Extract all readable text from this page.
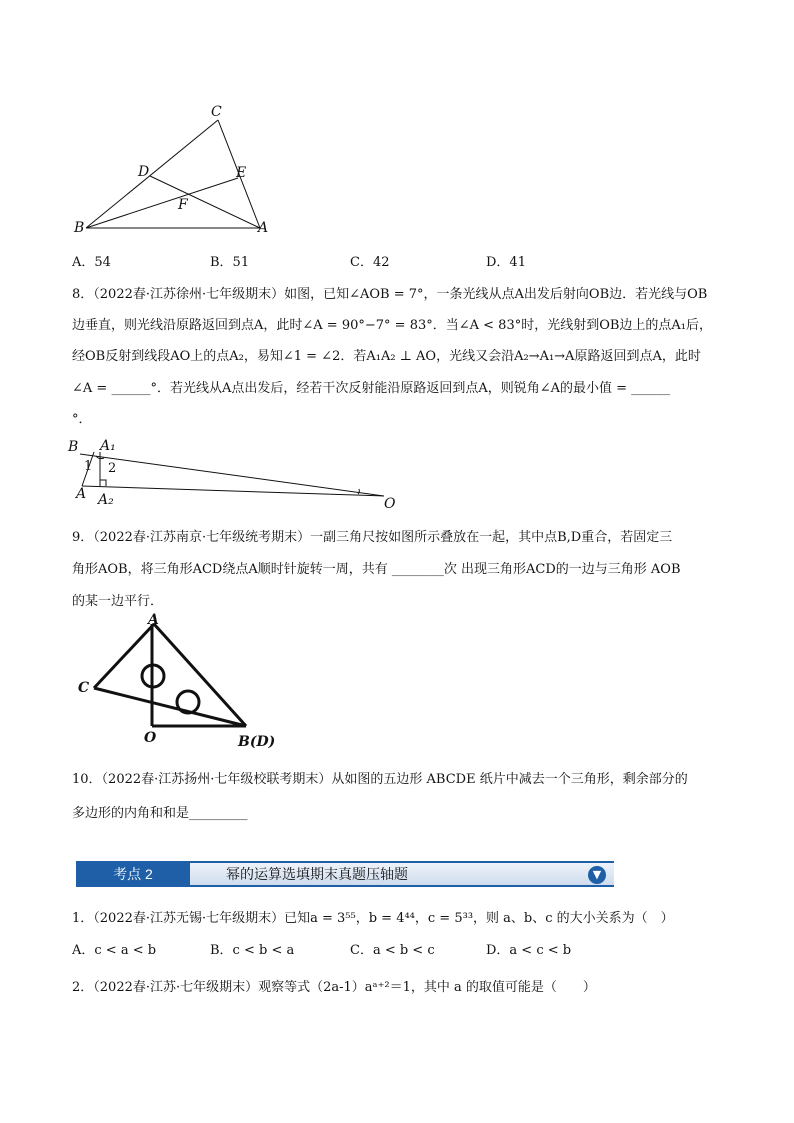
C
D	E
F
B	A
A．54	B．51	C．42	D．41
8．（2022春·江苏徐州·七年级期末）如图，已知∠AOB = 7°，一条光线从点A出发后射向OB边．若光线与OB
边垂直，则光线沿原路返回到点A，此时∠A = 90°−7° = 83°．当∠A < 83°时，光线射到OB边上的点A₁后，
经OB反射到线段AO上的点A₂，易知∠1 = ∠2．若A₁A₂ ⊥ AO，光线又会沿A₂→A₁→A原路返回到点A，此时
∠A = ______°．若光线从A点出发后，经若干次反射能沿原路返回到点A，则锐角∠A的最小值 = ______
°．
B A₁
A A₂	O
1 2
9．（2022春·江苏南京·七年级统考期末）一副三角尺按如图所示叠放在一起，其中点B,D重合，若固定三
角形AOB，将三角形ACD绕点A顺时针旋转一周，共有 ________次 出现三角形ACD的一边与三角形 AOB
的某一边平行．
A
C
O	B(D)
10．（2022春·江苏扬州·七年级校联考期末）从如图的五边形 ABCDE 纸片中减去一个三角形，剩余部分的
多边形的内角和和是_________
考点 2	幂的运算选填期末真题压轴题	▼
1．（2022春·江苏无锡·七年级期末）已知a = 3⁵⁵，b = 4⁴⁴，c = 5³³，则 a、b、c 的大小关系为（　）
A．c < a < b	B．c < b < a	C．a < b < c	D．a < c < b
2．（2022春·江苏·七年级期末）观察等式（2a-1）aᵃ⁺²＝1，其中 a 的取值可能是（　　）
